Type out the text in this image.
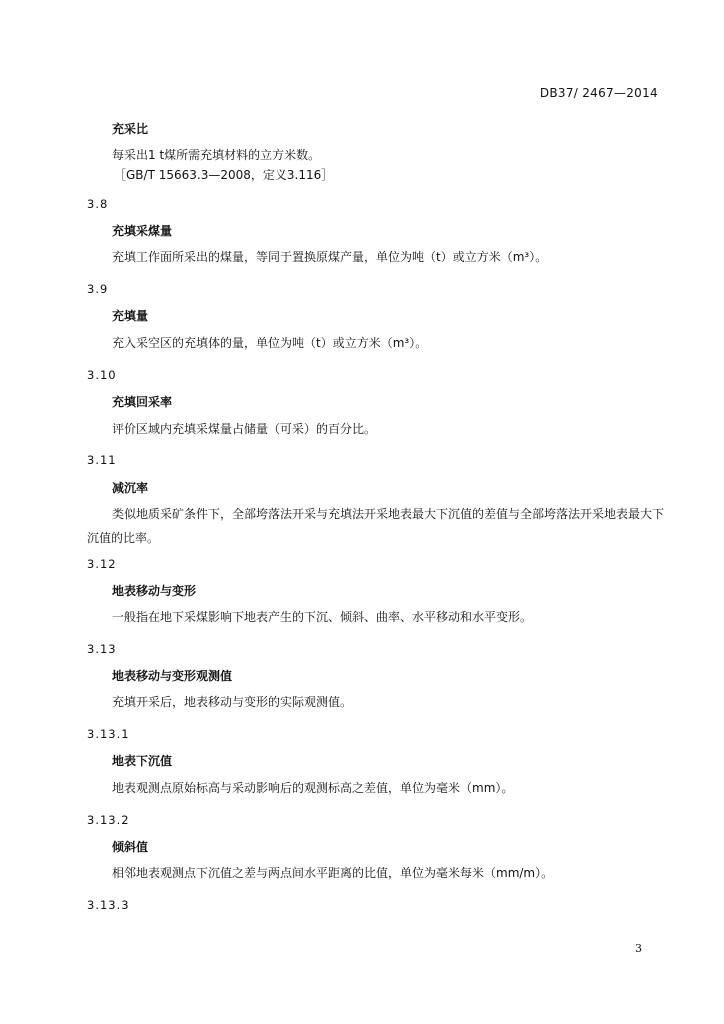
DB37/ 2467—2014
充采比
每采出1 t煤所需充填材料的立方米数。
［GB/T 15663.3—2008，定义3.116］
3.8
充填采煤量
充填工作面所采出的煤量，等同于置换原煤产量，单位为吨（t）或立方米（m³）。
3.9
充填量
充入采空区的充填体的量，单位为吨（t）或立方米（m³）。
3.10
充填回采率
评价区域内充填采煤量占储量（可采）的百分比。
3.11
减沉率
类似地质采矿条件下，全部垮落法开采与充填法开采地表最大下沉值的差值与全部垮落法开采地表最大下沉值的比率。
3.12
地表移动与变形
一般指在地下采煤影响下地表产生的下沉、倾斜、曲率、水平移动和水平变形。
3.13
地表移动与变形观测值
充填开采后，地表移动与变形的实际观测值。
3.13.1
地表下沉值
地表观测点原始标高与采动影响后的观测标高之差值，单位为毫米（mm）。
3.13.2
倾斜值
相邻地表观测点下沉值之差与两点间水平距离的比值，单位为毫米每米（mm/m）。
3.13.3
3
